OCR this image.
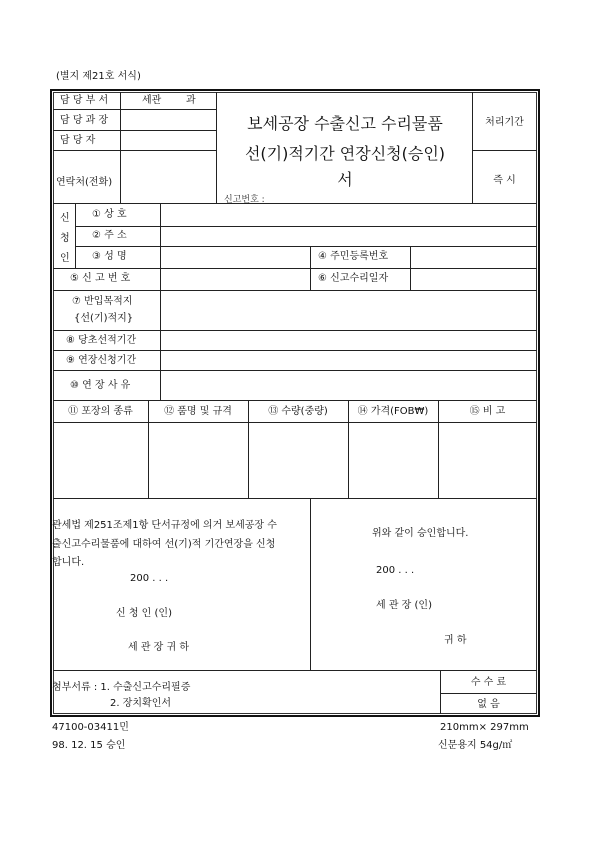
(별지 제21호 서식)
담 당 부 서	세관 과
담 당 과 장
담 당 자
연락처(전화)
보세공장 수출신고 수리물품
선(기)적기간 연장신청(승인)
서
신고번호 :
처리기간
즉 시
신
청
인
① 상 호
② 주 소
③ 성 명	④ 주민등록번호
⑤ 신 고 번 호	⑥ 신고수리일자
⑦ 반입목적지
{선(기)적지}
⑧ 당초선적기간
⑨ 연장신청기간
⑩ 연 장 사 유
⑪ 포장의 종류	⑫ 품명 및 규격	⑬ 수량(중량)	⑭ 가격(FOB₩)	⑮ 비 고
관세법 제251조제1항 단서규정에 의거 보세공장 수
출신고수리물품에 대하여 선(기)적 기간연장을 신청
합니다.
200 . . .
신 청 인 (인)
세 관 장 귀 하
위와 같이 승인합니다.
200 . . .
세 관 장 (인)
귀 하
첨부서류 : 1. 수출신고수리필증
2. 장치확인서
수 수 료
없 음
47100-03411민
98. 12. 15 승인
210mm× 297mm
신문용지 54g/㎡
